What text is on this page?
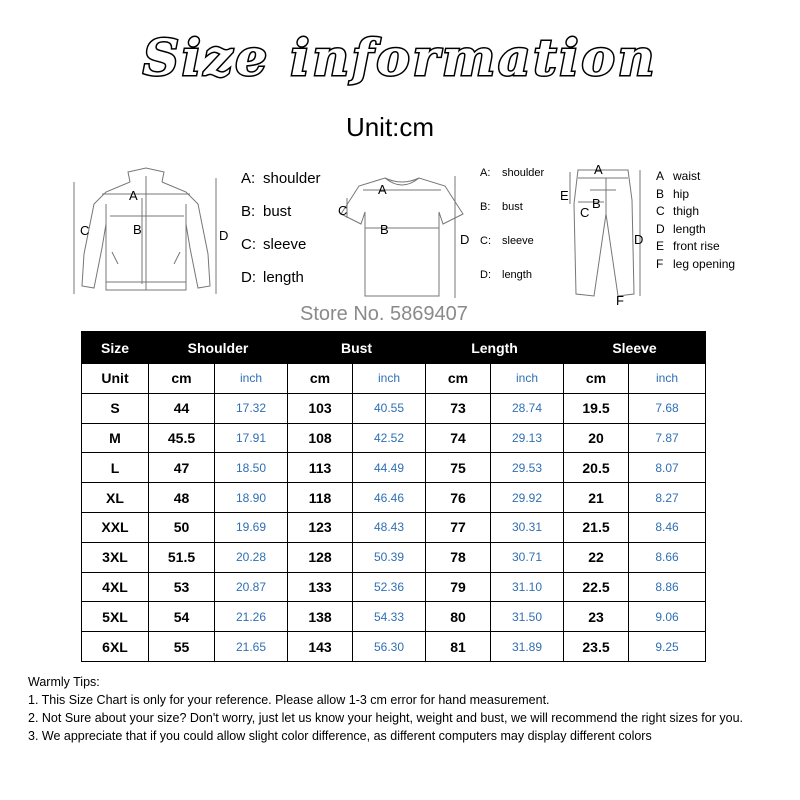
Size information
Unit:cm
A
B
C	D
A: shoulder
B: bust
C: sleeve
D: length
A
B
C
D
A: shoulder
B: bust
C: sleeve
D: length
A
B
C
D
E
F
A waist
B hip
C thigh
D length
E front rise
F leg opening
Store No. 5869407
Size	Shoulder		Bust		Length		Sleeve	
Unit	cm	inch	cm	inch	cm	inch	cm	inch
S	44	17.32	103	40.55	73	28.74	19.5	7.68
M	45.5	17.91	108	42.52	74	29.13	20	7.87
L	47	18.50	113	44.49	75	29.53	20.5	8.07
XL	48	18.90	118	46.46	76	29.92	21	8.27
XXL	50	19.69	123	48.43	77	30.31	21.5	8.46
3XL	51.5	20.28	128	50.39	78	30.71	22	8.66
4XL	53	20.87	133	52.36	79	31.10	22.5	8.86
5XL	54	21.26	138	54.33	80	31.50	23	9.06
6XL	55	21.65	143	56.30	81	31.89	23.5	9.25
Warmly Tips:
1. This Size Chart is only for your reference. Please allow 1-3 cm error for hand measurement.
2. Not Sure about your size? Don't worry, just let us know your height, weight and bust, we will recommend the right sizes for you.
3. We appreciate that if you could allow slight color difference, as different computers may display different colors
